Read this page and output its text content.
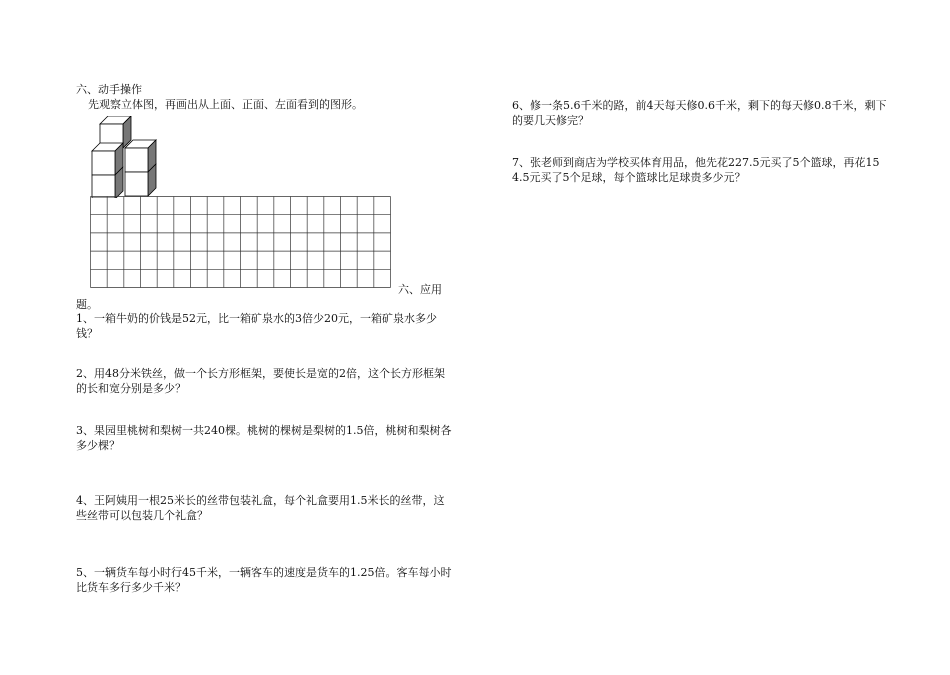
六、动手操作
先观察立体图，再画出从上面、正面、左面看到的图形。
六、应用
题。
1、一箱牛奶的价钱是52元，比一箱矿泉水的3倍少20元，一箱矿泉水多少钱？
2、用48分米铁丝，做一个长方形框架，要使长是宽的2倍，这个长方形框架的长和宽分别是多少？
3、果园里桃树和梨树一共240棵。桃树的棵树是梨树的1.5倍，桃树和梨树各多少棵？
4、王阿姨用一根25米长的丝带包装礼盒，每个礼盒要用1.5米长的丝带，这些丝带可以包装几个礼盒？
5、一辆货车每小时行45千米，一辆客车的速度是货车的1.25倍。客车每小时比货车多行多少千米？
6、修一条5.6千米的路，前4天每天修0.6千米，剩下的每天修0.8千米，剩下的要几天修完？
7、张老师到商店为学校买体育用品，他先花227.5元买了5个篮球，再花154.5元买了5个足球，每个篮球比足球贵多少元？
